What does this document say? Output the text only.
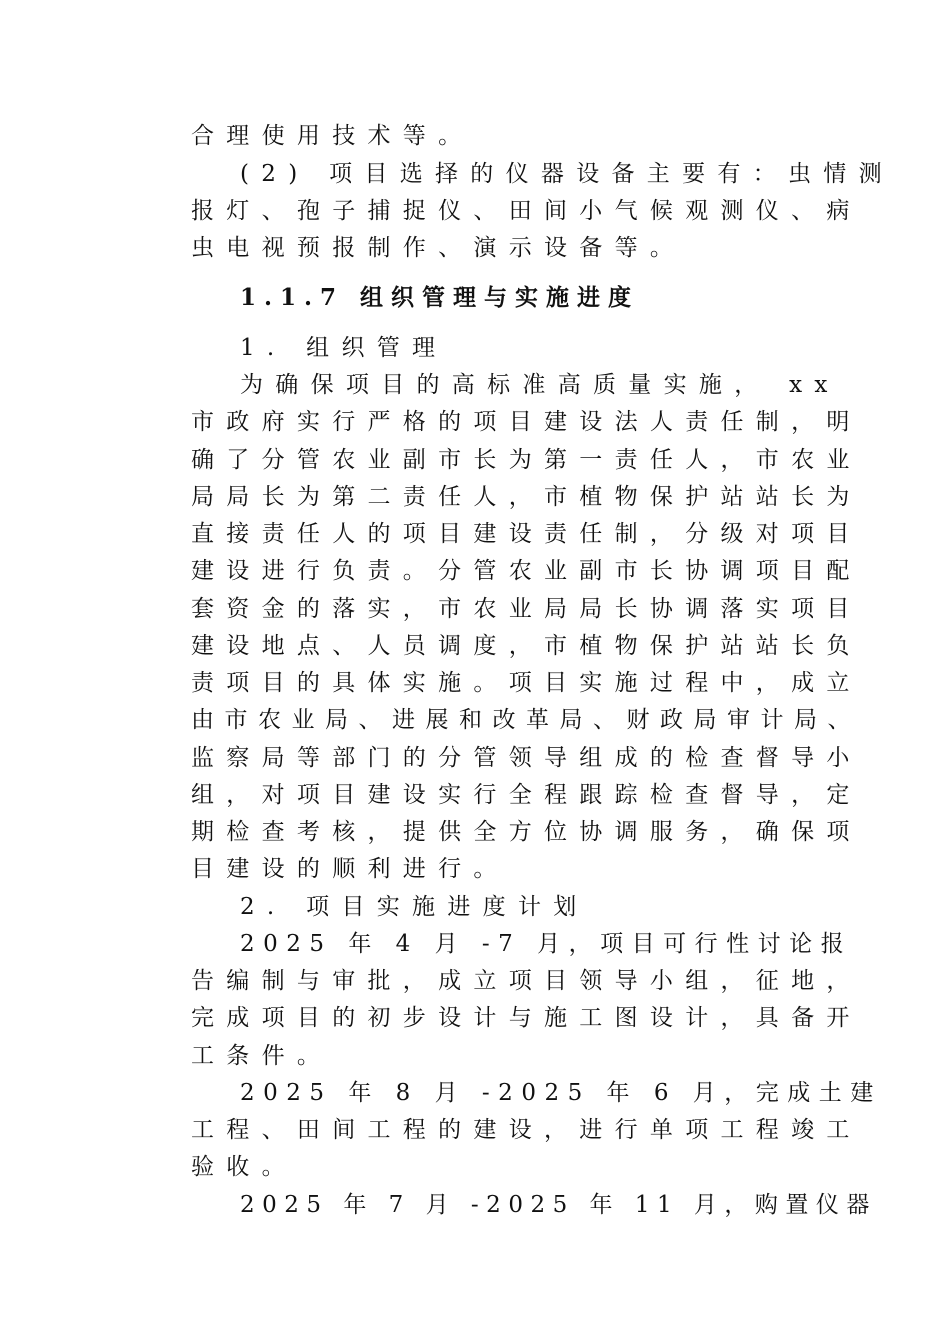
合理使用技术等。
(2) 项目选择的仪器设备主要有：虫情测
报灯、孢子捕捉仪、田间小气候观测仪、病
虫电视预报制作、演示设备等。
1.1.7 组织管理与实施进度
1. 组织管理
为确保项目的高标准高质量实施， xx
市政府实行严格的项目建设法人责任制，明
确了分管农业副市长为第一责任人，市农业
局局长为第二责任人，市植物保护站站长为
直接责任人的项目建设责任制，分级对项目
建设进行负责。分管农业副市长协调项目配
套资金的落实，市农业局局长协调落实项目
建设地点、人员调度，市植物保护站站长负
责项目的具体实施。项目实施过程中，成立
由市农业局、进展和改革局、财政局审计局、
监察局等部门的分管领导组成的检查督导小
组，对项目建设实行全程跟踪检查督导，定
期检查考核，提供全方位协调服务，确保项
目建设的顺利进行。
2. 项目实施进度计划
2025 年 4 月 -7 月，项目可行性讨论报
告编制与审批，成立项目领导小组，征地，
完成项目的初步设计与施工图设计，具备开
工条件。
2025 年 8 月 -2025 年 6 月，完成土建
工程、田间工程的建设，进行单项工程竣工
验收。
2025 年 7 月 -2025 年 11 月，购置仪器
